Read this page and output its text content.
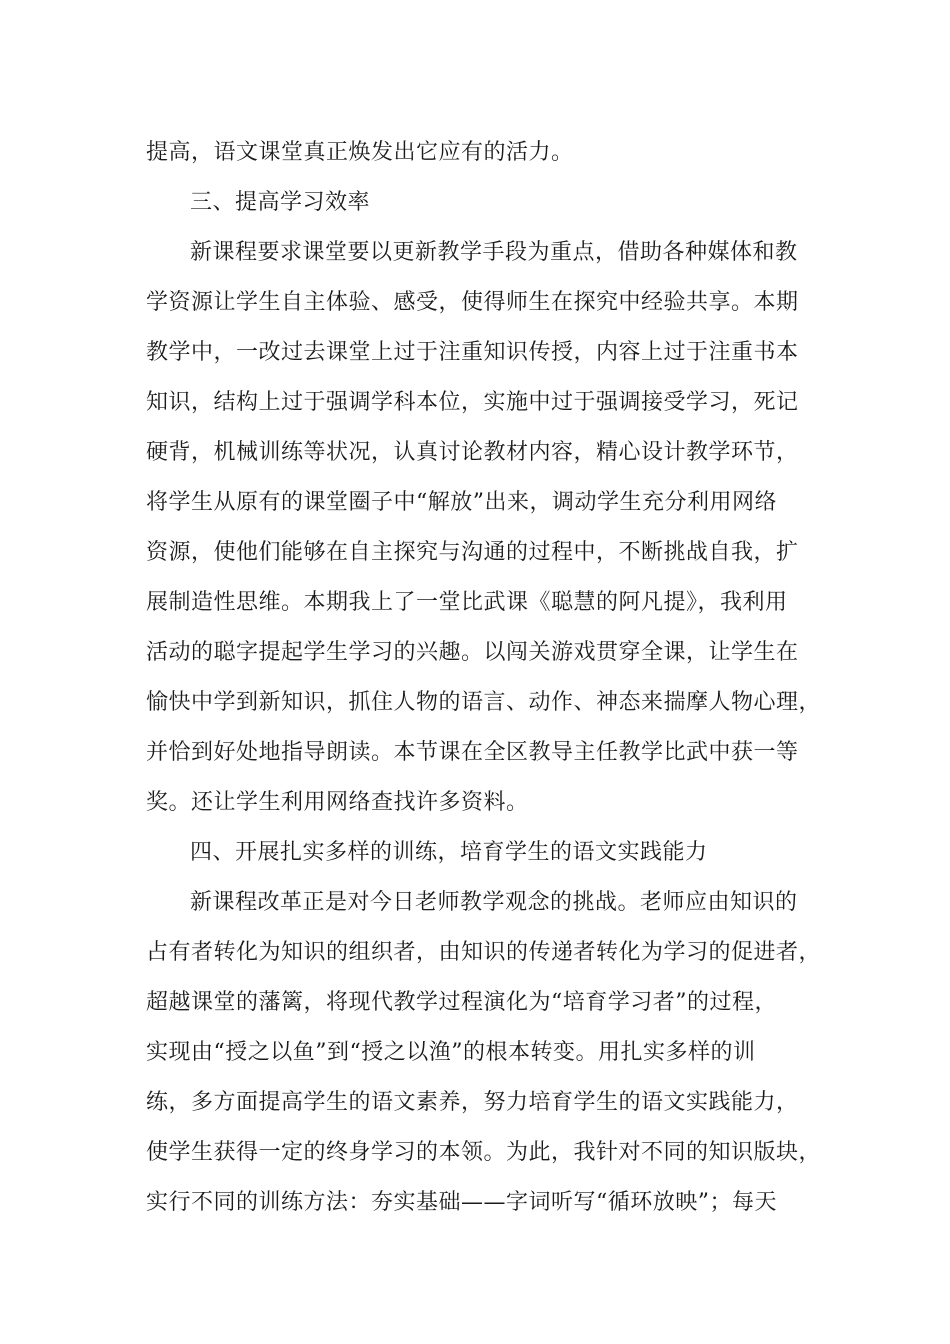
提高，语文课堂真正焕发出它应有的活力。
三、提高学习效率
新课程要求课堂要以更新教学手段为重点，借助各种媒体和教
学资源让学生自主体验、感受，使得师生在探究中经验共享。本期
教学中，一改过去课堂上过于注重知识传授，内容上过于注重书本
知识，结构上过于强调学科本位，实施中过于强调接受学习，死记
硬背，机械训练等状况，认真讨论教材内容，精心设计教学环节，
将学生从原有的课堂圈子中“解放”出来，调动学生充分利用网络
资源，使他们能够在自主探究与沟通的过程中，不断挑战自我，扩
展制造性思维。本期我上了一堂比武课《聪慧的阿凡提》，我利用
活动的聪字提起学生学习的兴趣。以闯关游戏贯穿全课，让学生在
愉快中学到新知识，抓住人物的语言、动作、神态来揣摩人物心理，
并恰到好处地指导朗读。本节课在全区教导主任教学比武中获一等
奖。还让学生利用网络查找许多资料。
四、开展扎实多样的训练，培育学生的语文实践能力
新课程改革正是对今日老师教学观念的挑战。老师应由知识的
占有者转化为知识的组织者，由知识的传递者转化为学习的促进者，
超越课堂的藩篱，将现代教学过程演化为“培育学习者”的过程，
实现由“授之以鱼”到“授之以渔”的根本转变。用扎实多样的训
练，多方面提高学生的语文素养，努力培育学生的语文实践能力，
使学生获得一定的终身学习的本领。为此，我针对不同的知识版块，
实行不同的训练方法：夯实基础——字词听写“循环放映”；每天
